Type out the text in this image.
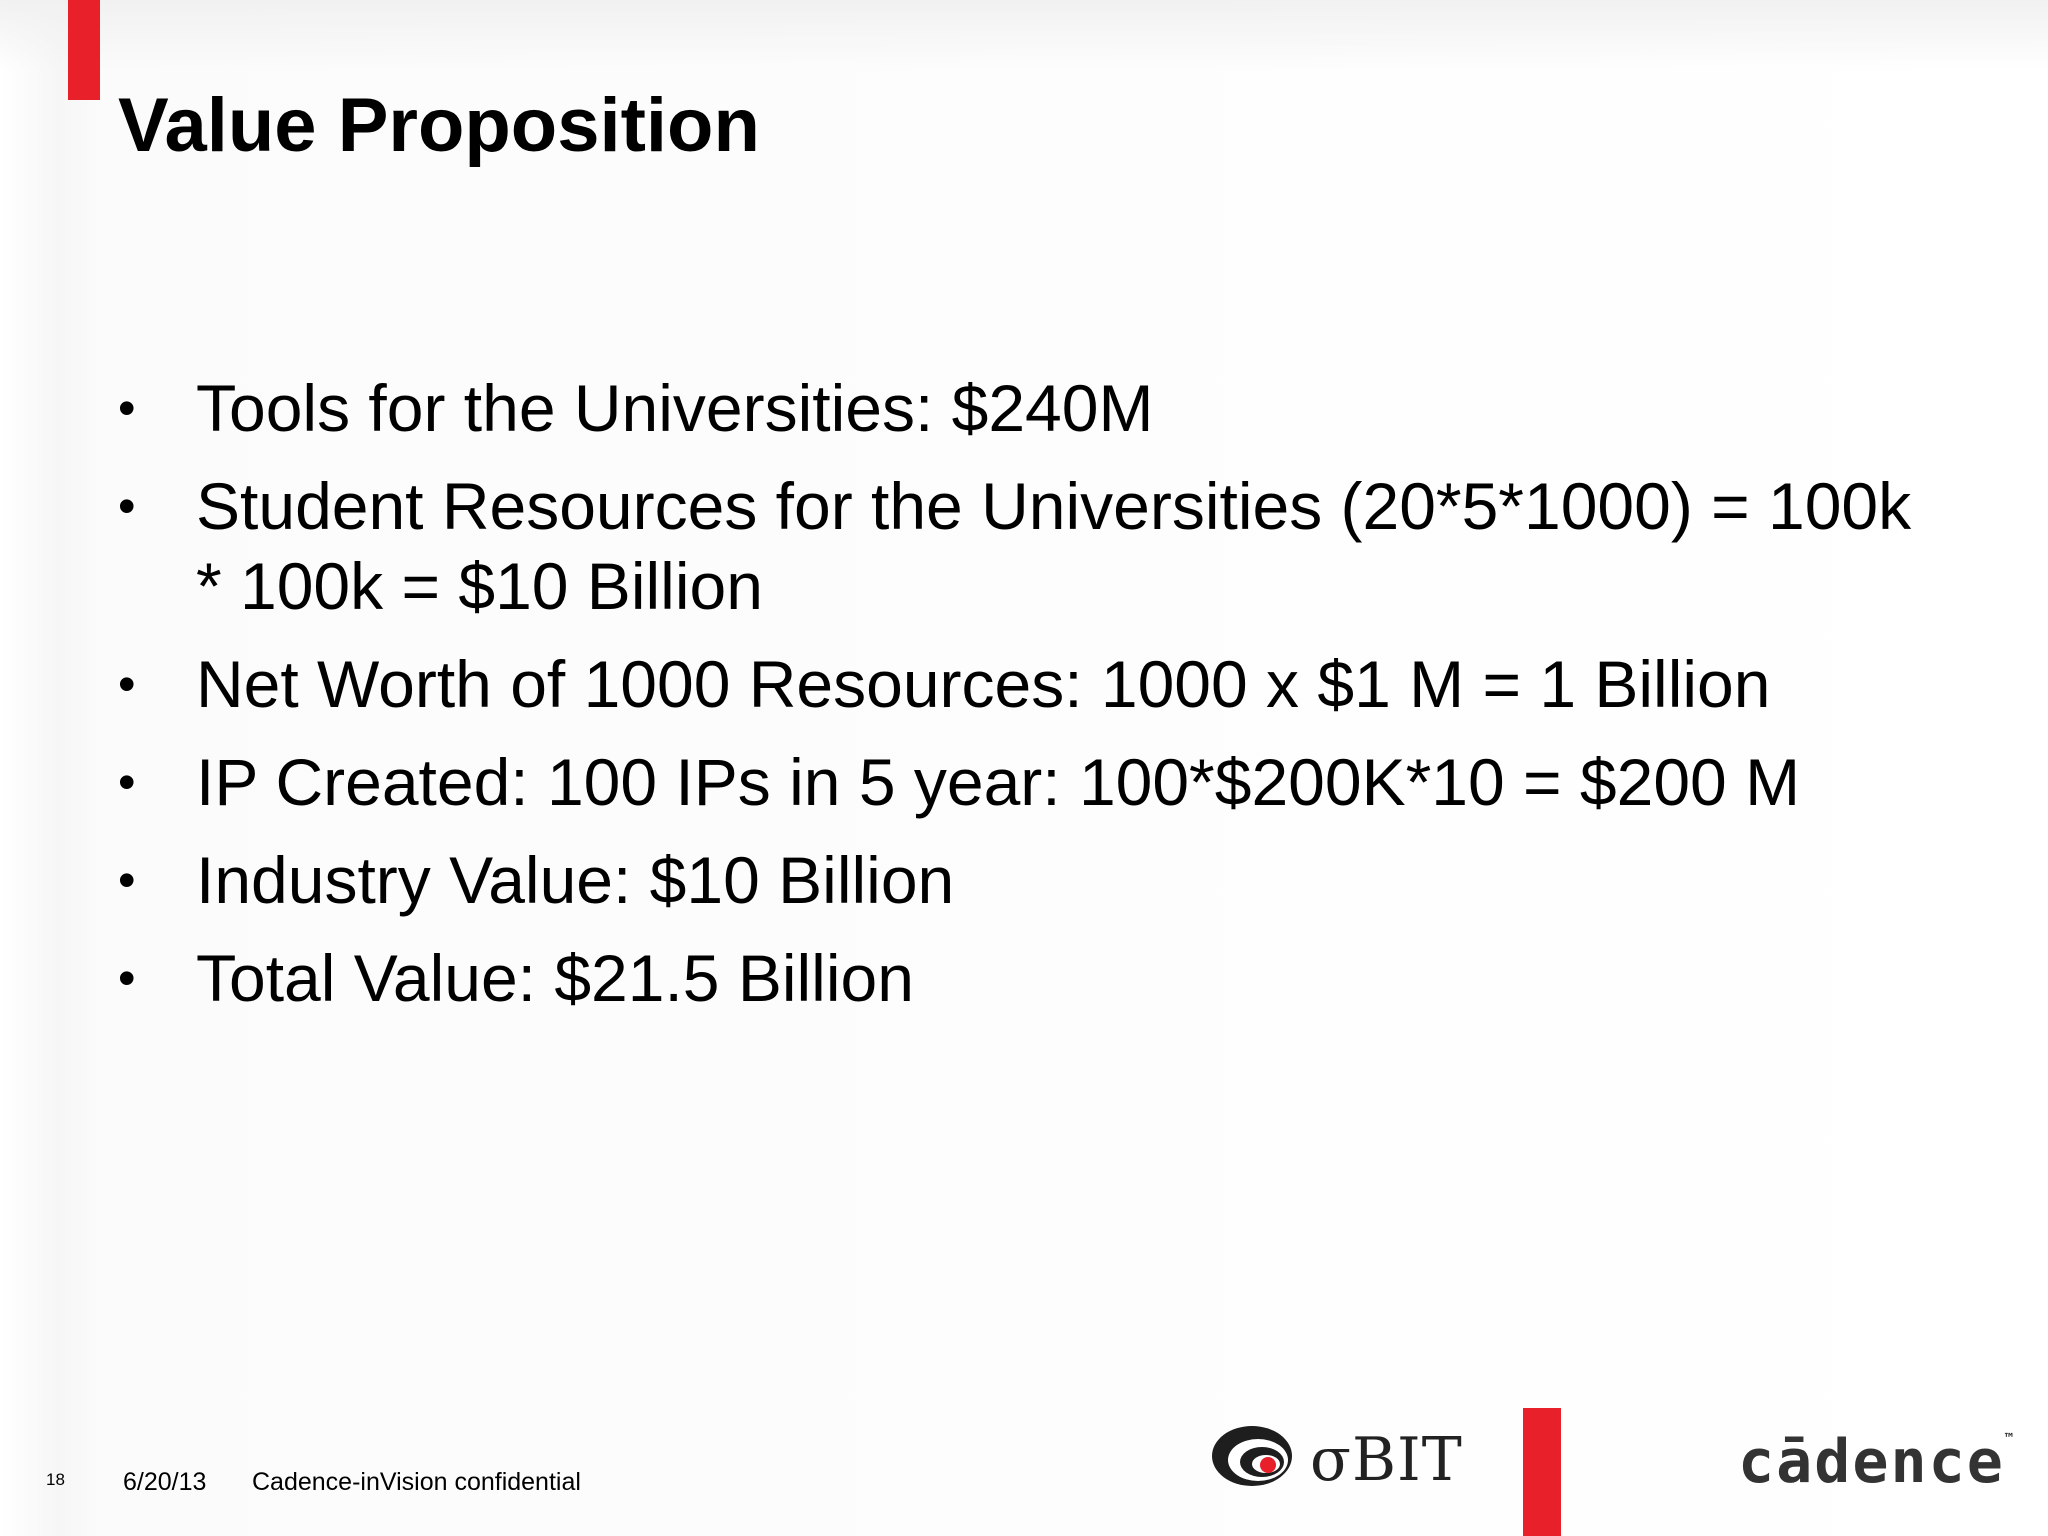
Value Proposition
• Tools for the Universities: $240M
• Student Resources for the Universities (20*5*1000) = 100k * 100k = $10 Billion
• Net Worth of 1000 Resources: 1000 x $1 M = 1 Billion
• IP Created: 100 IPs in 5 year: 100*$200K*10 = $200 M
• Industry Value: $10 Billion
• Total Value: $21.5 Billion
18 6/20/13 Cadence-inVision confidential	σBIT	cādence™
